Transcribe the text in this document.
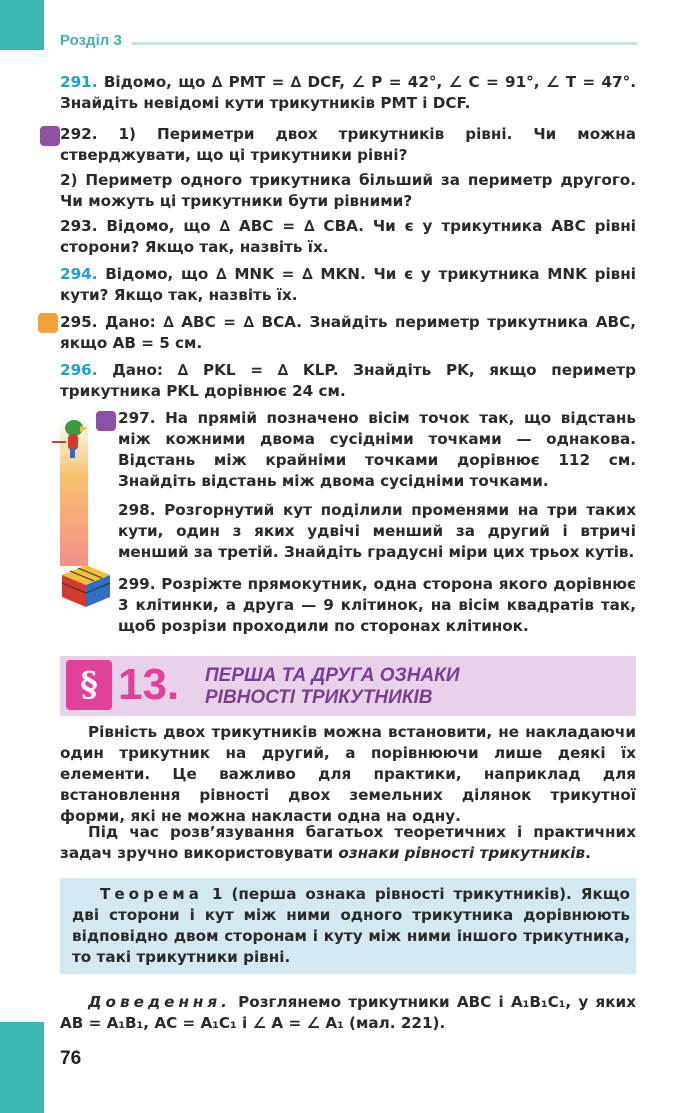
Розділ 3
291. Відомо, що ∆ PMT = ∆ DCF, ∠ P = 42°, ∠ C = 91°, ∠ T = 47°. Знайдіть невідомі кути трикутників PMT і DCF.
292. 1) Периметри двох трикутників рівні. Чи можна стверджувати, що ці трикутники рівні?
2) Периметр одного трикутника більший за периметр другого. Чи можуть ці трикутники бути рівними?
293. Відомо, що ∆ ABC = ∆ CBA. Чи є у трикутника ABC рівні сторони? Якщо так, назвіть їх.
294. Відомо, що ∆ MNK = ∆ MKN. Чи є у трикутника MNK рівні кути? Якщо так, назвіть їх.
295. Дано: ∆ ABC = ∆ BCA. Знайдіть периметр трикутника ABC, якщо AB = 5 см.
296. Дано: ∆ PKL = ∆ KLP. Знайдіть PK, якщо периметр трикутника PKL дорівнює 24 см.
297. На прямій позначено вісім точок так, що відстань між кожними двома сусідніми точками — однакова. Відстань між крайніми точками дорівнює 112 см. Знайдіть відстань між двома сусідніми точками.
298. Розгорнутий кут поділили променями на три таких кути, один з яких удвічі менший за другий і втричі менший за третій. Знайдіть градусні міри цих трьох кутів.
299. Розріжте прямокутник, одна сторона якого дорівнює 3 клітинки, а друга — 9 клітинок, на вісім квадратів так, щоб розрізи проходили по сторонах клітинок.
§ 13. ПЕРША ТА ДРУГА ОЗНАКИ
РІВНОСТІ ТРИКУТНИКІВ
Рівність двох трикутників можна встановити, не накладаючи один трикутник на другий, а порівнюючи лише деякі їх елементи. Це важливо для практики, наприклад для встановлення рівності двох земельних ділянок трикутної форми, які не можна накласти одна на одну.
Під час розв’язування багатьох теоретичних і практичних задач зручно використовувати ознаки рівності трикутників.
Теорема 1 (перша ознака рівності трикутників). Якщо дві сторони і кут між ними одного трикутника дорівнюють відповідно двом сторонам і куту між ними іншого трикутника, то такі трикутники рівні.
Доведення. Розглянемо трикутники ABC і A₁B₁C₁, у яких AB = A₁B₁, AC = A₁C₁ і ∠ A = ∠ A₁ (мал. 221).
76
